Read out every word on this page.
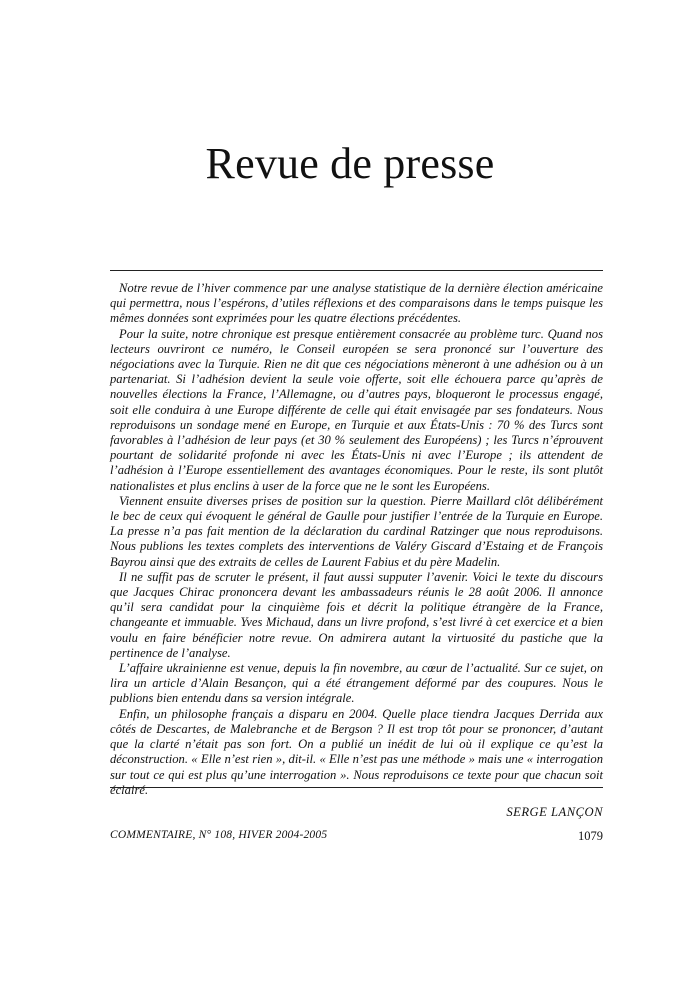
Revue de presse

Notre revue de l’hiver commence par une analyse statistique de la dernière élection américaine qui permettra, nous l’espérons, d’utiles réflexions et des comparaisons dans le temps puisque les mêmes données sont exprimées pour les quatre élections précédentes.

Pour la suite, notre chronique est presque entièrement consacrée au problème turc. Quand nos lecteurs ouvriront ce numéro, le Conseil européen se sera prononcé sur l’ouverture des négociations avec la Turquie. Rien ne dit que ces négociations mèneront à une adhésion ou à un partenariat. Si l’adhésion devient la seule voie offerte, soit elle échouera parce qu’après de nouvelles élections la France, l’Allemagne, ou d’autres pays, bloqueront le processus engagé, soit elle conduira à une Europe différente de celle qui était envisagée par ses fondateurs. Nous reproduisons un sondage mené en Europe, en Turquie et aux États-Unis : 70 % des Turcs sont favorables à l’adhésion de leur pays (et 30 % seulement des Européens) ; les Turcs n’éprouvent pourtant de solidarité profonde ni avec les États-Unis ni avec l’Europe ; ils attendent de l’adhésion à l’Europe essentiellement des avantages économiques. Pour le reste, ils sont plutôt nationalistes et plus enclins à user de la force que ne le sont les Européens.

Viennent ensuite diverses prises de position sur la question. Pierre Maillard clôt délibérément le bec de ceux qui évoquent le général de Gaulle pour justifier l’entrée de la Turquie en Europe. La presse n’a pas fait mention de la déclaration du cardinal Ratzinger que nous reproduisons. Nous publions les textes complets des interventions de Valéry Giscard d’Estaing et de François Bayrou ainsi que des extraits de celles de Laurent Fabius et du père Madelin.

Il ne suffit pas de scruter le présent, il faut aussi supputer l’avenir. Voici le texte du discours que Jacques Chirac prononcera devant les ambassadeurs réunis le 28 août 2006. Il annonce qu’il sera candidat pour la cinquième fois et décrit la politique étrangère de la France, changeante et immuable. Yves Michaud, dans un livre profond, s’est livré à cet exercice et a bien voulu en faire bénéficier notre revue. On admirera autant la virtuosité du pastiche que la pertinence de l’analyse.

L’affaire ukrainienne est venue, depuis la fin novembre, au cœur de l’actualité. Sur ce sujet, on lira un article d’Alain Besançon, qui a été étrangement déformé par des coupures. Nous le publions bien entendu dans sa version intégrale.

Enfin, un philosophe français a disparu en 2004. Quelle place tiendra Jacques Derrida aux côtés de Descartes, de Malebranche et de Bergson ? Il est trop tôt pour se prononcer, d’autant que la clarté n’était pas son fort. On a publié un inédit de lui où il explique ce qu’est la déconstruction. « Elle n’est rien », dit-il. « Elle n’est pas une méthode » mais une « interrogation sur tout ce qui est plus qu’une interrogation ». Nous reproduisons ce texte pour que chacun soit éclairé.

SERGE LANÇON
COMMENTAIRE, N° 108, HIVER 2004-2005	1079
